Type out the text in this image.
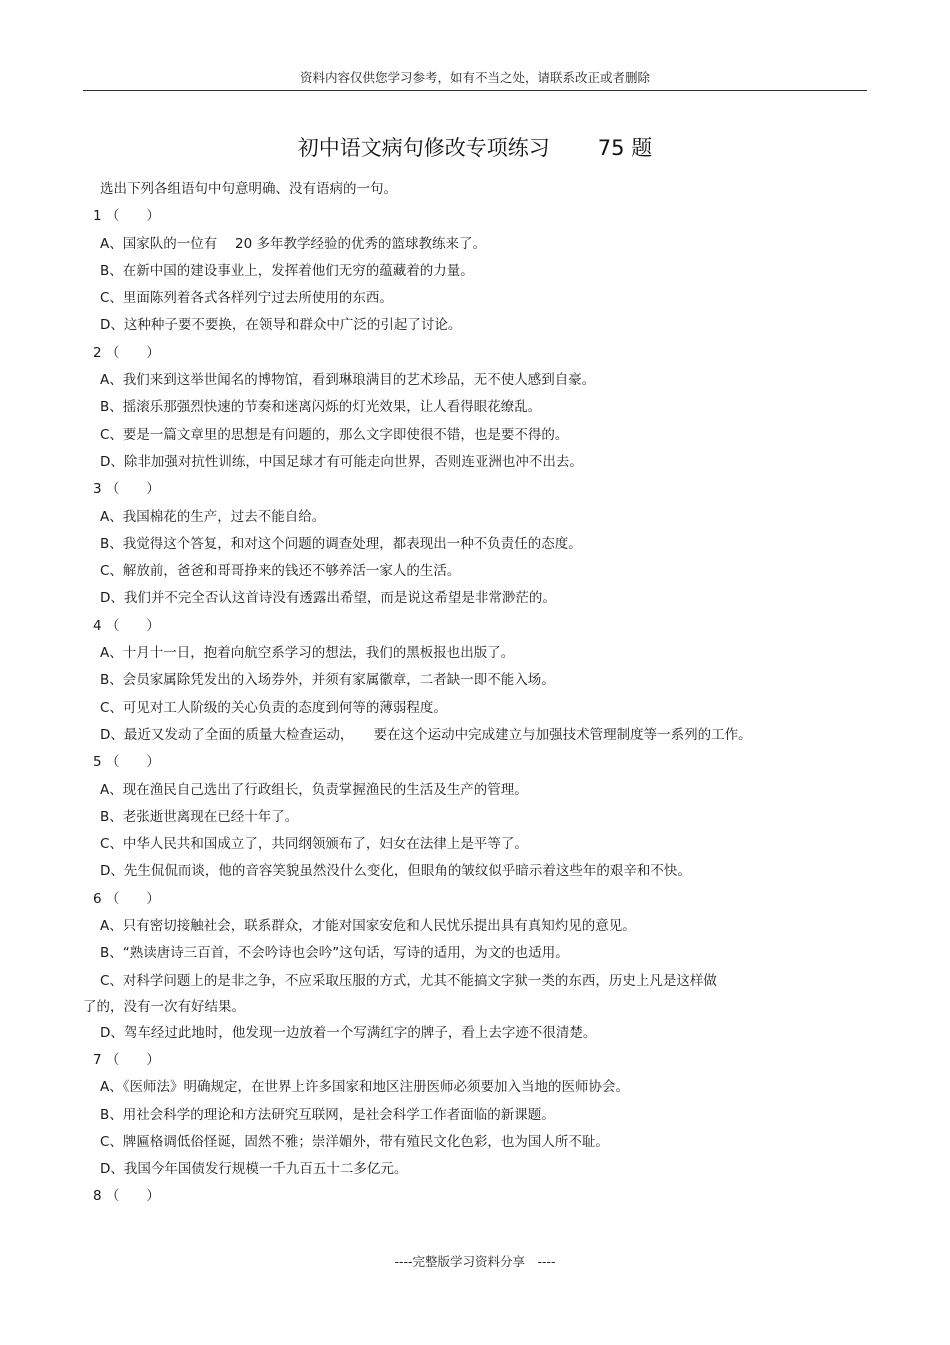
资料内容仅供您学习参考，如有不当之处，请联系改正或者删除
初中语文病句修改专项练习 75 题
选出下列各组语句中句意明确、没有语病的一句。
1 （　　）
A、国家队的一位有　 20 多年教学经验的优秀的篮球教练来了。
B、在新中国的建设事业上，发挥着他们无穷的蕴藏着的力量。
C、里面陈列着各式各样列宁过去所使用的东西。
D、这种种子要不要换，在领导和群众中广泛的引起了讨论。
2 （　　）
A、我们来到这举世闻名的博物馆，看到琳琅满目的艺术珍品，无不使人感到自豪。
B、摇滚乐那强烈快速的节奏和迷离闪烁的灯光效果，让人看得眼花缭乱。
C、要是一篇文章里的思想是有问题的，那么文字即使很不错，也是要不得的。
D、除非加强对抗性训练，中国足球才有可能走向世界，否则连亚洲也冲不出去。
3 （　　）
A、我国棉花的生产，过去不能自给。
B、我觉得这个答复，和对这个问题的调查处理，都表现出一种不负责任的态度。
C、解放前，爸爸和哥哥挣来的钱还不够养活一家人的生活。
D、我们并不完全否认这首诗没有透露出希望，而是说这希望是非常渺茫的。
4 （　　）
A、十月十一日，抱着向航空系学习的想法，我们的黑板报也出版了。
B、会员家属除凭发出的入场券外，并须有家属徽章，二者缺一即不能入场。
C、可见对工人阶级的关心负责的态度到何等的薄弱程度。
D、最近又发动了全面的质量大检查运动，　　要在这个运动中完成建立与加强技术管理制度等一系列的工作。
5 （　　）
A、现在渔民自己选出了行政组长，负责掌握渔民的生活及生产的管理。
B、老张逝世离现在已经十年了。
C、中华人民共和国成立了，共同纲领颁布了，妇女在法律上是平等了。
D、先生侃侃而谈，他的音容笑貌虽然没什么变化，但眼角的皱纹似乎暗示着这些年的艰辛和不快。
6 （　　）
A、只有密切接触社会，联系群众，才能对国家安危和人民忧乐提出具有真知灼见的意见。
B、“熟读唐诗三百首，不会吟诗也会吟”这句话，写诗的适用，为文的也适用。
C、对科学问题上的是非之争，不应采取压服的方式，尤其不能搞文字狱一类的东西，历史上凡是这样做
了的，没有一次有好结果。
D、驾车经过此地时，他发现一边放着一个写满红字的牌子，看上去字迹不很清楚。
7 （　　）
A、《医师法》明确规定，在世界上许多国家和地区注册医师必须要加入当地的医师协会。
B、用社会科学的理论和方法研究互联网，是社会科学工作者面临的新课题。
C、牌匾格调低俗怪诞，固然不雅；崇洋媚外，带有殖民文化色彩，也为国人所不耻。
D、我国今年国债发行规模一千九百五十二多亿元。
8 （　　）
----完整版学习资料分享　----
